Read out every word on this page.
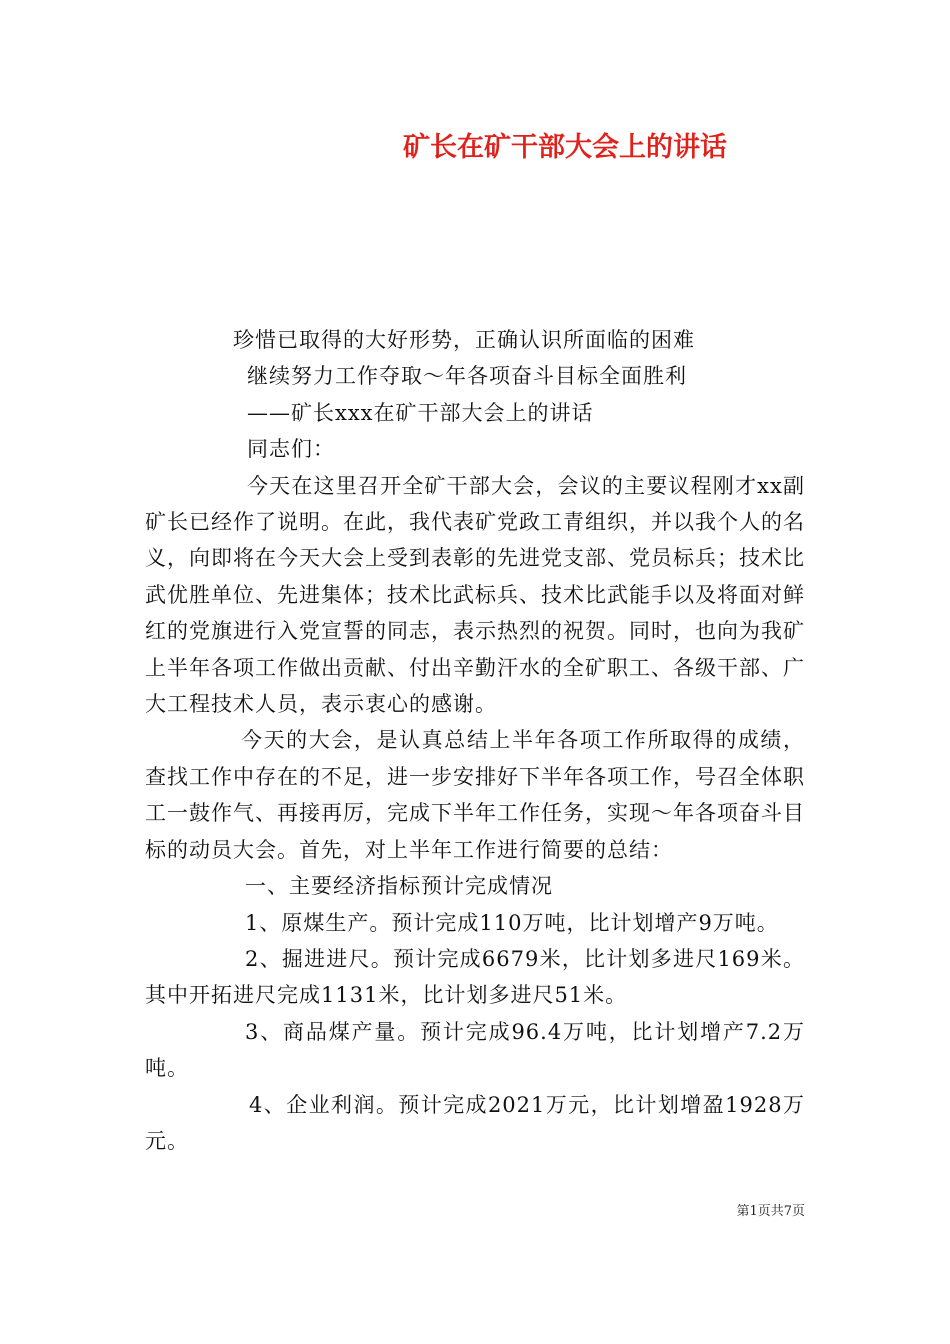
矿长在矿干部大会上的讲话

珍惜已取得的大好形势，正确认识所面临的困难

继续努力工作夺取～年各项奋斗目标全面胜利

——矿长xxx在矿干部大会上的讲话

同志们：

今天在这里召开全矿干部大会，会议的主要议程刚才xx副矿长已经作了说明。在此，我代表矿党政工青组织，并以我个人的名义，向即将在今天大会上受到表彰的先进党支部、党员标兵；技术比武优胜单位、先进集体；技术比武标兵、技术比武能手以及将面对鲜红的党旗进行入党宣誓的同志，表示热烈的祝贺。同时，也向为我矿上半年各项工作做出贡献、付出辛勤汗水的全矿职工、各级干部、广大工程技术人员，表示衷心的感谢。

今天的大会，是认真总结上半年各项工作所取得的成绩，查找工作中存在的不足，进一步安排好下半年各项工作，号召全体职工一鼓作气、再接再厉，完成下半年工作任务，实现～年各项奋斗目标的动员大会。首先，对上半年工作进行简要的总结：

一、主要经济指标预计完成情况

1、原煤生产。预计完成110万吨，比计划增产9万吨。

2、掘进进尺。预计完成6679米，比计划多进尺169米。其中开拓进尺完成1131米，比计划多进尺51米。

3、商品煤产量。预计完成96.4万吨，比计划增产7.2万吨。

4、企业利润。预计完成2021万元，比计划增盈1928万元。

第1页共7页
